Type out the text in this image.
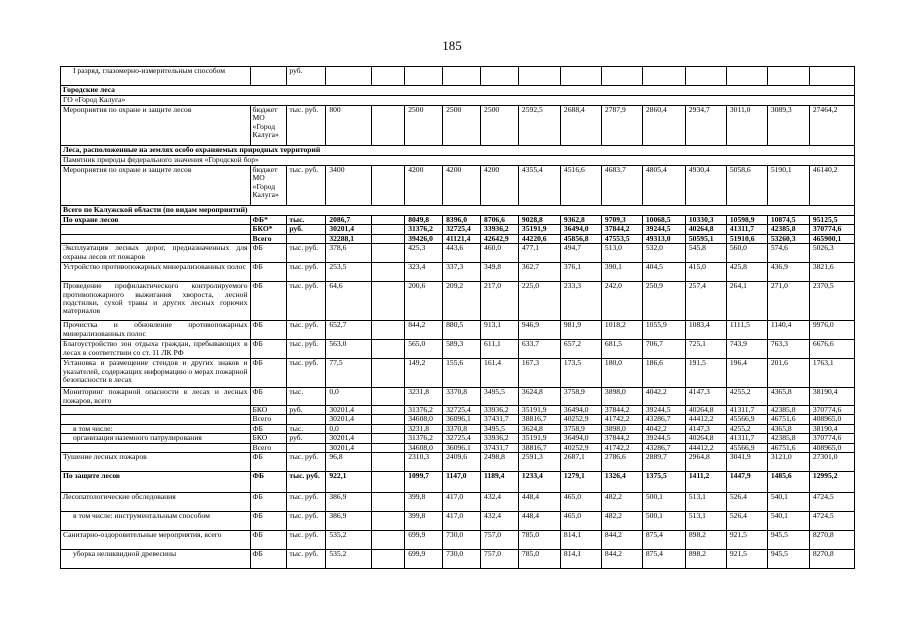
185
I разряд, глазомерно-измерительным способом		руб.													
Городские леса															
ГО «Город Калуга»															
Мероприятия по охране и защите лесов	бюджет МО «Город Калуга»	тыс. руб.	800		2500	2500	2500	2592,5	2688,4	2787,9	2860,4	2934,7	3011,0	3089,3	27464,2
Леса, расположенные на землях особо охраняемых природных территорий															
Памятник природы федерального значения «Городской бор»															
Мероприятия по охране и защите лесов	бюджет МО «Город Калуга»	тыс. руб.	3400		4200	4200	4200	4355,4	4516,6	4683,7	4805,4	4930,4	5058,6	5190,1	46140,2
Всего по Калужской области (по видам мероприятий)															
По охране лесов	ФБ*	тыс.	2086,7		8049,8	8396,0	8706,6	9028,8	9362,8	9709,3	10068,5	10330,3	10598,9	10874,5	95125,5
	БКО*	руб.	30201,4		31376,2	32725,4	33936,2	35191,9	36494,0	37844,2	39244,5	40264,8	41311,7	42385,8	370774,6
	Всего		32288,1		39426,0	41121,4	42642,9	44220,6	45856,8	47553,5	49313,0	50595,1	51910,6	53260,3	465900,1
Эксплуатация лесных дорог, предназначенных для охраны лесов от пожаров	ФБ	тыс. руб.	378,6		425,3	443,6	460,0	477,1	494,7	513,0	532,0	545,8	560,0	574,6	5026,3
Устройство противопожарных минерализованных полос	ФБ	тыс. руб.	253,5		323,4	337,3	349,8	362,7	376,1	390,1	404,5	415,0	425,8	436,9	3821,6
Проведение профилактического контролируемого противопожарного выжигания хвороста, лесной подстилки, сухой травы и других лесных горючих материалов	ФБ	тыс. руб.	64,6		200,6	209,2	217,0	225,0	233,3	242,0	250,9	257,4	264,1	271,0	2370,5
Прочистка и обновление противопожарных минерализованных полос	ФБ	тыс. руб.	652,7		844,2	880,5	913,1	946,9	981,9	1018,2	1055,9	1083,4	1111,5	1140,4	9976,0
Благоустройство зон отдыха граждан, пребывающих в лесах в соответствии со ст. 11 ЛК РФ	ФБ	тыс. руб.	563,0		565,0	589,3	611,1	633,7	657,2	681,5	706,7	725,1	743,9	763,3	6676,6
Установка и размещение стендов и других знаков и указателей, содержащих информацию о мерах пожарной безопасности в лесах	ФБ	тыс. руб.	77,5		149,2	155,6	161,4	167,3	173,5	180,0	186,6	191,5	196,4	201,6	1763,1
Мониторинг пожарной опасности в лесах и лесных пожаров, всего	ФБ	тыс.	0,0		3231,8	3370,8	3495,5	3624,8	3758,9	3898,0	4042,2	4147,3	4255,2	4365,8	38190,4
	БКО	руб.	30201,4		31376,2	32725,4	33936,2	35191,9	36494,0	37844,2	39244,5	40264,8	41311,7	42385,8	370774,6
	Всего		30201,4		34608,0	36096,1	37431,7	38816,7	40252,9	41742,2	43286,7	44412,2	45566,9	46751,6	408965,0
в том числе:	ФБ	тыс.	0,0		3231,8	3370,8	3495,5	3624,8	3758,9	3898,0	4042,2	4147,3	4255,2	4365,8	38190,4
организация наземного патрулирования	БКО	руб.	30201,4		31376,2	32725,4	33936,2	35191,9	36494,0	37844,2	39244,5	40264,8	41311,7	42385,8	370774,6
	Всего		30201,4		34608,0	36096,1	37431,7	38816,7	40252,9	41742,2	43286,7	44412,2	45566,9	46751,6	408965,0
Тушение лесных пожаров	ФБ	тыс. руб.	96,8		2310,3	2409,6	2498,8	2591,3	2687,1	2786,6	2889,7	2964,8	3041,9	3121,0	27301,0
По защите лесов	ФБ	тыс. руб.	922,1		1099,7	1147,0	1189,4	1233,4	1279,1	1326,4	1375,5	1411,2	1447,9	1485,6	12995,2
Лесопатологические обследования	ФБ	тыс. руб.	386,9		399,8	417,0	432,4	448,4	465,0	482,2	500,1	513,1	526,4	540,1	4724,5
в том числе: инструментальным способом	ФБ	тыс. руб.	386,9		399,8	417,0	432,4	448,4	465,0	482,2	500,1	513,1	526,4	540,1	4724,5
Санитарно-оздоровительные мероприятия, всего	ФБ	тыс. руб.	535,2		699,9	730,0	757,0	785,0	814,1	844,2	875,4	898,2	921,5	945,5	8270,8
уборка неликвидной древесины	ФБ	тыс. руб.	535,2		699,9	730,0	757,0	785,0	814,1	844,2	875,4	898,2	921,5	945,5	8270,8
